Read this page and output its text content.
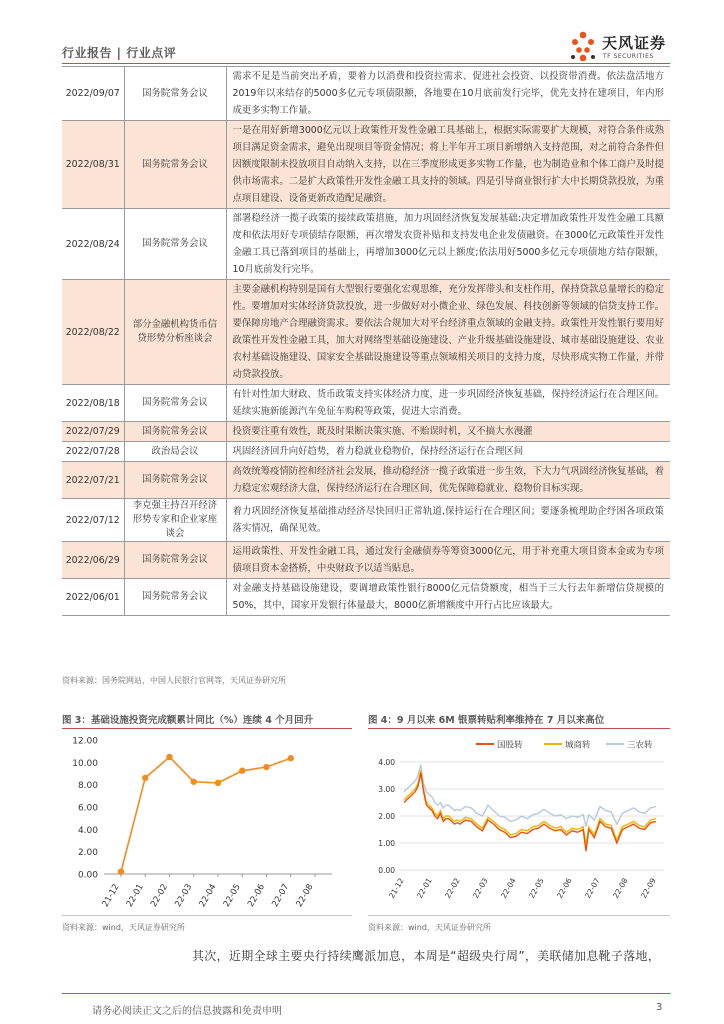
行业报告 | 行业点评
天风证券
TF SECURITIES
2022/09/07	国务院常务会议	需求不足是当前突出矛盾，要着力以消费和投资拉需求、促进社会投资、以投资带消费。依法盘活地方2019年以来结存的5000多亿元专项债限额，各地要在10月底前发行完毕，优先支持在建项目，年内形成更多实物工作量。
2022/08/31	国务院常务会议	一是在用好新增3000亿元以上政策性开发性金融工具基础上，根据实际需要扩大规模，对符合条件成熟项目满足资金需求，避免出现项目等资金情况；将上半年开工项目新增纳入支持范围，对之前符合条件但因额度限制未投放项目自动纳入支持，以在三季度形成更多实物工作量，也为制造业和个体工商户及时提供市场需求。二是扩大政策性开发性金融工具支持的领域。四是引导商业银行扩大中长期贷款投放，为重点项目建设、设备更新改造配足融资。
2022/08/24	国务院常务会议	部署稳经济一揽子政策的接续政策措施，加力巩固经济恢复发展基础:决定增加政策性开发性金融工具额度和依法用好专项债结存限额，再次增发农资补贴和支持发电企业发债融资。在3000亿元政策性开发性金融工具已落到项目的基础上，再增加3000亿元以上额度;依法用好5000多亿元专项债地方结存限额，10月底前发行完毕。
2022/08/22	部分金融机构货币信贷形势分析座谈会	主要金融机构特别是国有大型银行要强化宏观思维，充分发挥带头和支柱作用，保持贷款总量增长的稳定性。要增加对实体经济贷款投放，进一步做好对小微企业、绿色发展、科技创新等领域的信贷支持工作。要保障房地产合理融资需求。要依法合规加大对平台经济重点领域的金融支持。政策性开发性银行要用好政策性开发性金融工具，加大对网络型基础设施建设、产业升级基础设施建设、城市基础设施建设、农业农村基础设施建设、国家安全基础设施建设等重点领域相关项目的支持力度，尽快形成实物工作量，并带动贷款投放。
2022/08/18	国务院常务会议	有针对性加大财政、货币政策支持实体经济力度，进一步巩固经济恢复基础，保持经济运行在合理区间。延续实施新能源汽车免征车购税等政策，促进大宗消费。
2022/07/29	国务院常务会议	投资要注重有效性，既及时果断决策实施、不贻误时机，又不搞大水漫灌
2022/07/28	政治局会议	巩固经济回升向好趋势，着力稳就业稳物价，保持经济运行在合理区间
2022/07/21	国务院常务会议	高效统筹疫情防控和经济社会发展，推动稳经济一揽子政策进一步生效，下大力气巩固经济恢复基础，着力稳定宏观经济大盘，保持经济运行在合理区间，优先保障稳就业、稳物价目标实现。
2022/07/12	李克强主持召开经济形势专家和企业家座谈会	着力巩固经济恢复基础推动经济尽快回归正常轨道,保持运行在合理区间；要逐条梳理助企纾困各项政策落实情况，确保见效。
2022/06/29	国务院常务会议	运用政策性、开发性金融工具，通过发行金融债券等筹资3000亿元，用于补充重大项目资本金或为专项债项目资本金搭桥，中央财政予以适当贴息。
2022/06/01	国务院常务会议	对金融支持基础设施建设，要调增政策性银行8000亿元信贷额度，相当于三大行去年新增信贷规模的50%，其中，国家开发银行体量最大，8000亿新增额度中开行占比应该最大。
资料来源：国务院网站，中国人民银行官网等，天风证券研究所
图 3：基础设施投资完成额累计同比（%）连续 4 个月回升
0.00
2.00
4.00
6.00
8.00
10.00
12.00
21-12 22-01 22-02 22-03 22-04 22-05 22-06 22-07 22-08
资料来源：wind，天风证券研究所
图 4：9 月以来 6M 银票转贴利率维持在 7 月以来高位
0.00
1.00
2.00
3.00
4.00
21-12 22-01 22-02 22-03 22-04 22-05 22-06 22-07 22-08 22-09
国股转	城商转	三农转
资料来源：wind，天风证券研究所
其次，近期全球主要央行持续鹰派加息，本周是“超级央行周”，美联储加息靴子落地，
请务必阅读正文之后的信息披露和免责申明	3
